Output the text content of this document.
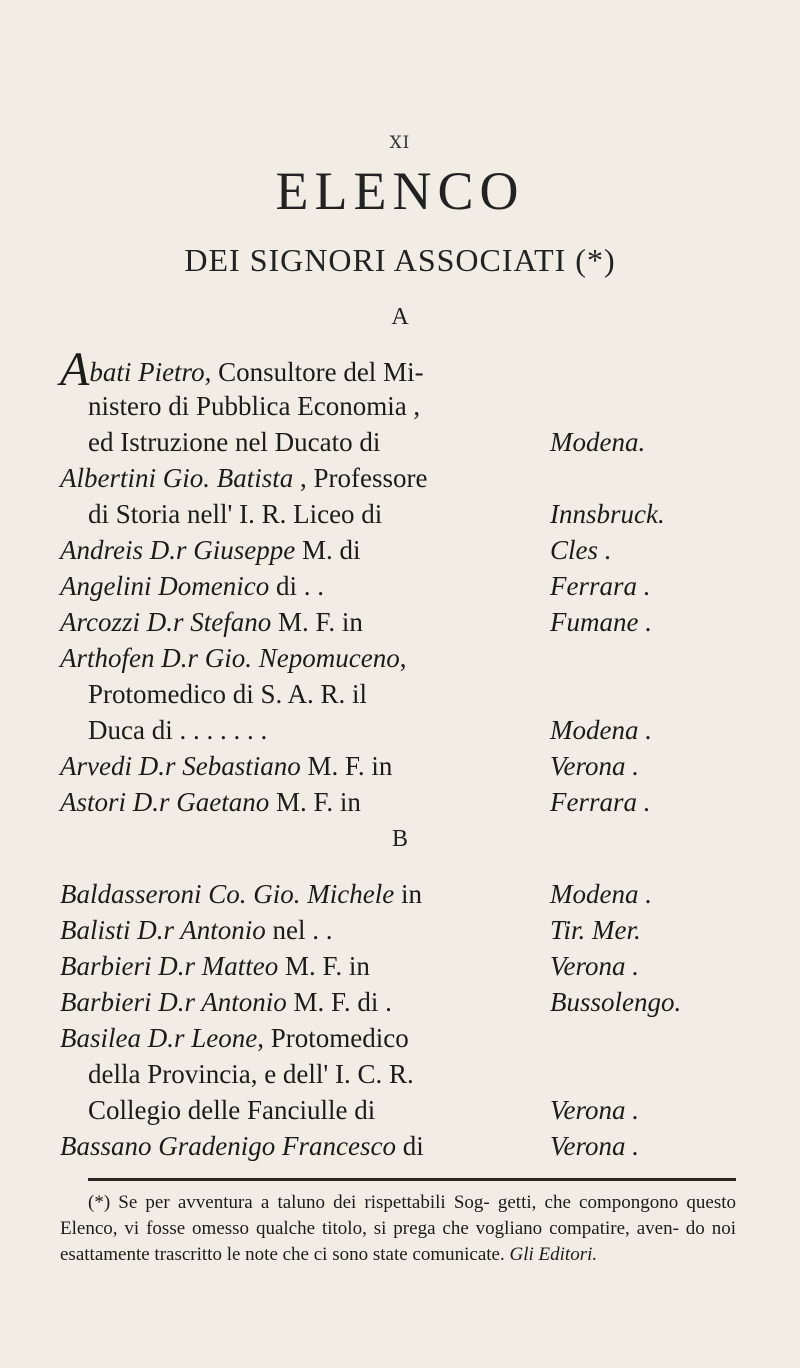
XI
ELENCO
DEI SIGNORI ASSOCIATI (*)
A
B
Abati Pietro, Consultore del Mi-
nistero di Pubblica Economia ,
ed Istruzione nel Ducato di	Modena.
Albertini Gio. Batista , Professore
di Storia nell' I. R. Liceo di	Innsbruck.
Andreis D.r Giuseppe M. di	Cles .
Angelini Domenico di . .	Ferrara .
Arcozzi D.r Stefano M. F. in	Fumane .
Arthofen D.r Gio. Nepomuceno,
Protomedico di S. A. R. il
Duca di . . . . . . .	Modena .
Arvedi D.r Sebastiano M. F. in	Verona .
Astori D.r Gaetano M. F. in	Ferrara .
Baldasseroni Co. Gio. Michele in	Modena .
Balisti D.r Antonio nel . .	Tir. Mer.
Barbieri D.r Matteo M. F. in	Verona .
Barbieri D.r Antonio M. F. di .	Bussolengo.
Basilea D.r Leone, Protomedico
della Provincia, e dell' I. C. R.
Collegio delle Fanciulle di	Verona .
Bassano Gradenigo Francesco di	Verona .

(*) Se per avventura a taluno dei rispettabili Sog- getti, che compongono questo Elenco, vi fosse omesso qualche titolo, si prega che vogliano compatire, aven- do noi esattamente trascritto le note che ci sono state comunicate. Gli Editori.
